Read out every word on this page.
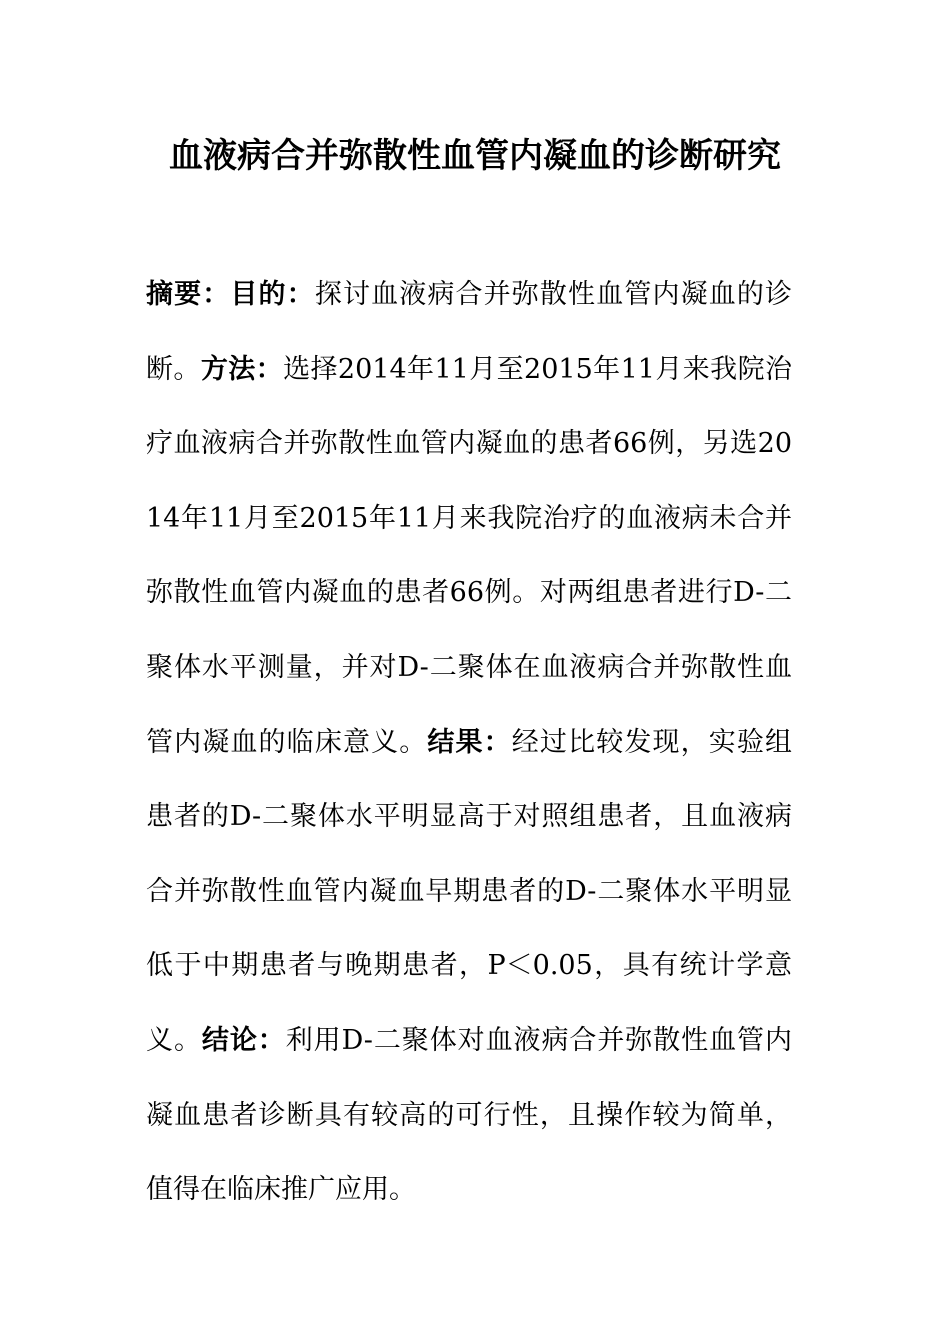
血液病合并弥散性血管内凝血的诊断研究

摘要：目的：探讨血液病合并弥散性血管内凝血的诊断。方法：选择2014年11月至2015年11月来我院治疗血液病合并弥散性血管内凝血的患者66例，另选2014年11月至2015年11月来我院治疗的血液病未合并弥散性血管内凝血的患者66例。对两组患者进行D-二聚体水平测量，并对D-二聚体在血液病合并弥散性血管内凝血的临床意义。结果：经过比较发现，实验组患者的D-二聚体水平明显高于对照组患者，且血液病合并弥散性血管内凝血早期患者的D-二聚体水平明显低于中期患者与晚期患者，P＜0.05，具有统计学意义。结论：利用D-二聚体对血液病合并弥散性血管内凝血患者诊断具有较高的可行性，且操作较为简单，值得在临床推广应用。
